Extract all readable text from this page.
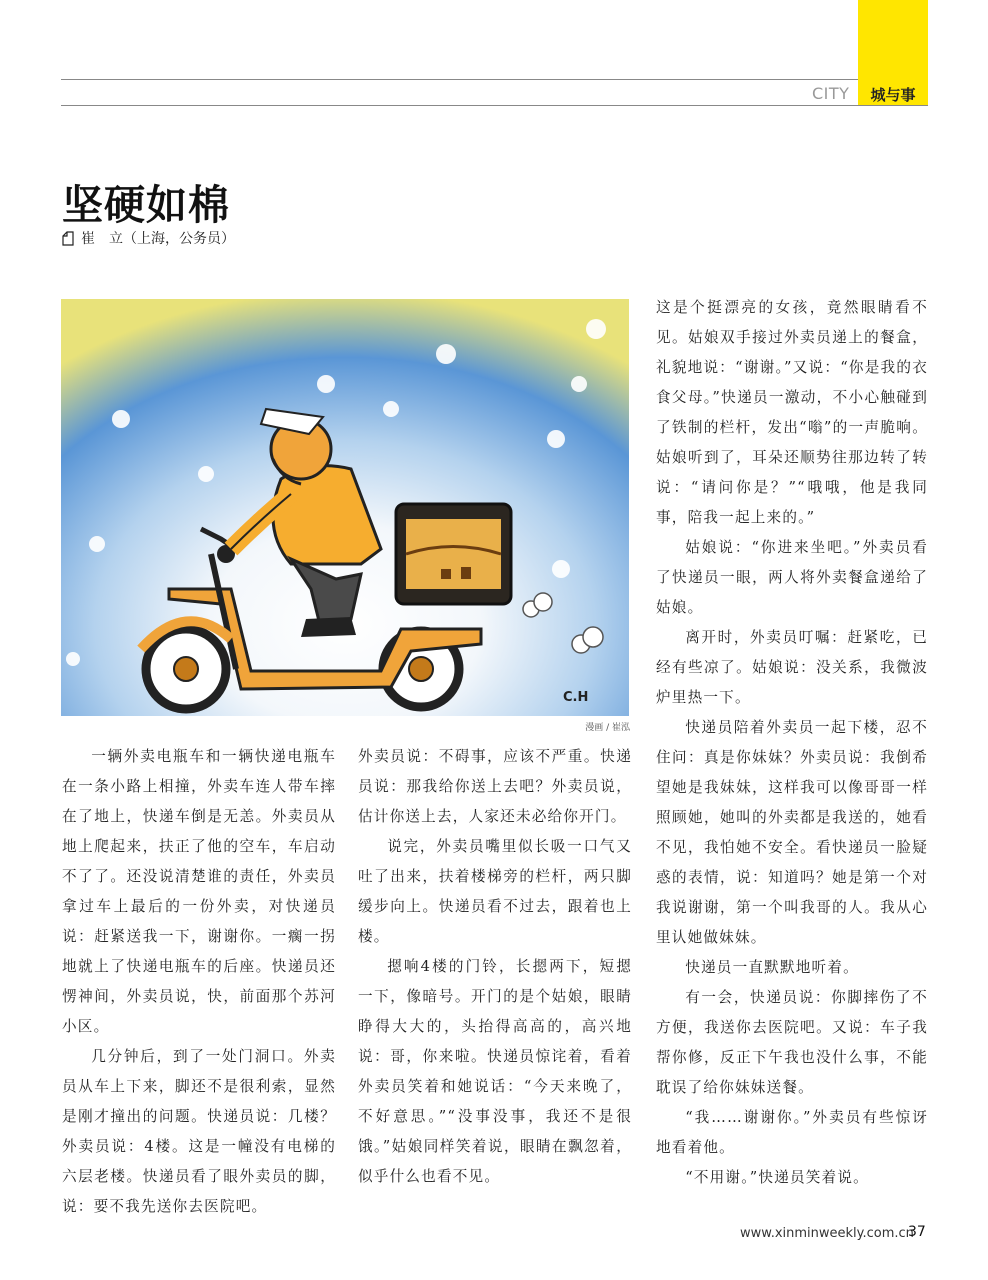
CITY	城与事
坚硬如棉
崔　立（上海，公务员）
C.H
漫画 / 崔泓

一辆外卖电瓶车和一辆快递电瓶车在一条小路上相撞，外卖车连人带车摔在了地上，快递车倒是无恙。外卖员从地上爬起来，扶正了他的空车，车启动不了了。还没说清楚谁的责任，外卖员拿过车上最后的一份外卖，对快递员说：赶紧送我一下，谢谢你。一瘸一拐地就上了快递电瓶车的后座。快递员还愣神间，外卖员说，快，前面那个苏河小区。

几分钟后，到了一处门洞口。外卖员从车上下来，脚还不是很利索，显然是刚才撞出的问题。快递员说：几楼？外卖员说：4楼。这是一幢没有电梯的六层老楼。快递员看了眼外卖员的脚，说：要不我先送你去医院吧。

外卖员说：不碍事，应该不严重。快递员说：那我给你送上去吧？外卖员说，估计你送上去，人家还未必给你开门。

说完，外卖员嘴里似长吸一口气又吐了出来，扶着楼梯旁的栏杆，两只脚缓步向上。快递员看不过去，跟着也上楼。

摁响4楼的门铃，长摁两下，短摁一下，像暗号。开门的是个姑娘，眼睛睁得大大的，头抬得高高的，高兴地说：哥，你来啦。快递员惊诧着，看着外卖员笑着和她说话：“今天来晚了，不好意思。”“没事没事，我还不是很饿。”姑娘同样笑着说，眼睛在飘忽着，似乎什么也看不见。

这是个挺漂亮的女孩，竟然眼睛看不见。姑娘双手接过外卖员递上的餐盒，礼貌地说：“谢谢。”又说：“你是我的衣食父母。”快递员一激动，不小心触碰到了铁制的栏杆，发出“嗡”的一声脆响。姑娘听到了，耳朵还顺势往那边转了转说：“请问你是？”“哦哦，他是我同事，陪我一起上来的。”

姑娘说：“你进来坐吧。”外卖员看了快递员一眼，两人将外卖餐盒递给了姑娘。

离开时，外卖员叮嘱：赶紧吃，已经有些凉了。姑娘说：没关系，我微波炉里热一下。

快递员陪着外卖员一起下楼，忍不住问：真是你妹妹？外卖员说：我倒希望她是我妹妹，这样我可以像哥哥一样照顾她，她叫的外卖都是我送的，她看不见，我怕她不安全。看快递员一脸疑惑的表情，说：知道吗？她是第一个对我说谢谢，第一个叫我哥的人。我从心里认她做妹妹。

快递员一直默默地听着。

有一会，快递员说：你脚摔伤了不方便，我送你去医院吧。又说：车子我帮你修，反正下午我也没什么事，不能耽误了给你妹妹送餐。

“我……谢谢你。”外卖员有些惊讶地看着他。

“不用谢。”快递员笑着说。

www.xinminweekly.com.cn
37
